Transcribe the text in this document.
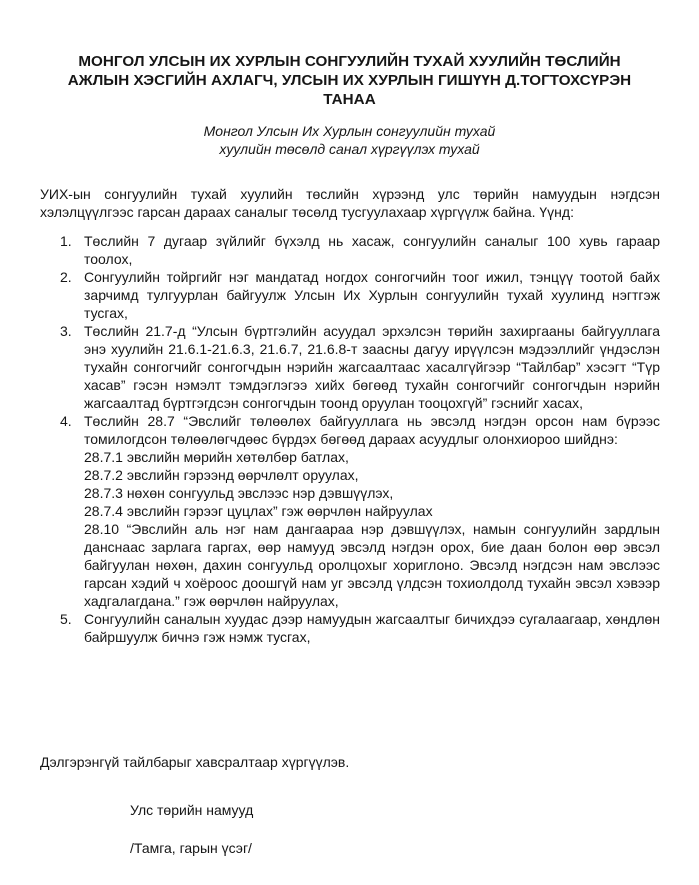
МОНГОЛ УЛСЫН ИХ ХУРЛЫН СОНГУУЛИЙН ТУХАЙ ХУУЛИЙН ТӨСЛИЙН
АЖЛЫН ХЭСГИЙН АХЛАГЧ, УЛСЫН ИХ ХУРЛЫН ГИШҮҮН Д.ТОГТОХСҮРЭН
ТАНАА
Монгол Улсын Их Хурлын сонгуулийн тухай
хуулийн төсөлд санал хүргүүлэх тухай
УИХ-ын сонгуулийн тухай хуулийн төслийн хүрээнд улс төрийн намуудын нэгдсэн хэлэлцүүлгээс гарсан дараах саналыг төсөлд тусгуулахаар хүргүүлж байна. Үүнд:
1. Төслийн 7 дугаар зүйлийг бүхэлд нь хасаж, сонгуулийн саналыг 100 хувь гараар тоолох,
2. Сонгуулийн тойргийг нэг мандатад ногдох сонгогчийн тоог ижил, тэнцүү тоотой байх зарчимд тулгуурлан байгуулж Улсын Их Хурлын сонгуулийн тухай хуулинд нэгтгэж тусгах,
3. Төслийн 21.7-д “Улсын бүртгэлийн асуудал эрхэлсэн төрийн захиргааны байгууллага энэ хуулийн 21.6.1-21.6.3, 21.6.7, 21.6.8-т заасны дагуу ирүүлсэн мэдээллийг үндэслэн тухайн сонгогчийг сонгогчдын нэрийн жагсаалтаас хасалгүйгээр “Тайлбар” хэсэгт “Түр хасав” гэсэн нэмэлт тэмдэглэгээ хийх бөгөөд тухайн сонгогчийг сонгогчдын нэрийн жагсаалтад бүртгэгдсэн сонгогчдын тоонд оруулан тооцохгүй” гэснийг хасах,
4. Төслийн 28.7 “Эвслийг төлөөлөх байгууллага нь эвсэлд нэгдэн орсон нам бүрээс томилогдсон төлөөлөгчдөөс бүрдэх бөгөөд дараах асуудлыг олонхиороо шийднэ:
28.7.1 эвслийн мөрийн хөтөлбөр батлах,
28.7.2 эвслийн гэрээнд өөрчлөлт оруулах,
28.7.3 нөхөн сонгуульд эвслээс нэр дэвшүүлэх,
28.7.4 эвслийн гэрээг цуцлах” гэж өөрчлөн найруулах
28.10 “Эвслийн аль нэг нам дангаараа нэр дэвшүүлэх, намын сонгуулийн зардлын данснаас зарлага гаргах, өөр намууд эвсэлд нэгдэн орох, бие даан болон өөр эвсэл байгуулан нөхөн, дахин сонгуульд оролцохыг хориглоно. Эвсэлд нэгдсэн нам эвслээс гарсан хэдий ч хоёроос доошгүй нам уг эвсэлд үлдсэн тохиолдолд тухайн эвсэл хэвээр хадгалагдана.” гэж өөрчлөн найруулах,
5. Сонгуулийн саналын хуудас дээр намуудын жагсаалтыг бичихдээ сугалаагаар, хөндлөн байршуулж бичнэ гэж нэмж тусгах,
Дэлгэрэнгүй тайлбарыг хавсралтаар хүргүүлэв.
Улс төрийн намууд
/Тамга, гарын үсэг/
